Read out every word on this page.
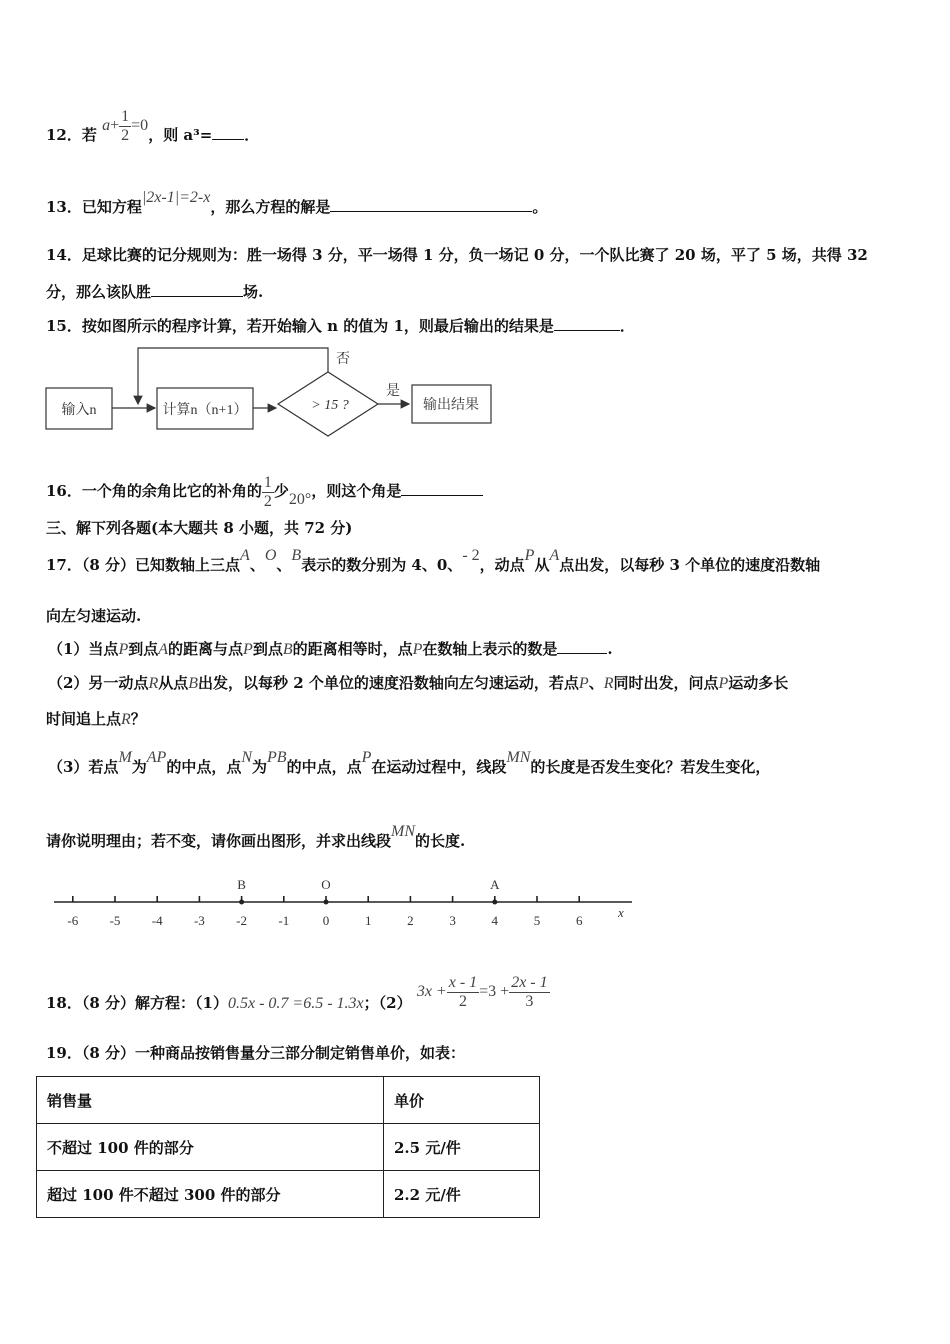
12．若 $a+ \frac{1}{2} =0$，则 a³= ．
13．已知方程|2x-1|=2-x，那么方程的解是	。
14．足球比赛的记分规则为：胜一场得 3 分，平一场得 1 分，负一场记 0 分，一个队比赛了 20 场，平了 5 场，共得 32
分，那么该队胜	场.
15．按如图所示的程序计算，若开始输入 n 的值为 1，则最后输出的结果是	．
输入n	计算n（n+1）	> 15 ?
是
输出结果
否
16．一个角的余角比它的补角的 $\frac{1}{2}$ 少20°，则这个角是
三、解下列各题(本大题共 8 小题，共 72 分)
17．（8 分）已知数轴上三点A、O、B表示的数分别为 4、0、- 2，动点P从A点出发，以每秒 3 个单位的速度沿数轴
向左匀速运动.
（1）当点P到点A的距离与点P到点B的距离相等时，点P在数轴上表示的数是	.
（2）另一动点R从点B出发，以每秒 2 个单位的速度沿数轴向左匀速运动，若点P、R同时出发，问点P运动多长
时间追上点R？
（3）若点M为AP的中点，点N为PB的中点，点P在运动过程中，线段MN的长度是否发生变化？若发生变化，
请你说明理由；若不变，请你画出图形，并求出线段MN的长度.
-6 -5 -4 -3 -2 -1	0	1	2	3	4	5	6
B	O	A
x
18．（8 分）解方程：（1）0.5x - 0.7 =6.5 - 1.3x；（2） $3x + \frac{x - 1}{2} =3 + \frac{2x - 1}{3}$
19．（8 分）一种商品按销售量分三部分制定销售单价，如表：
销售量	单价
不超过 100 件的部分	2.5 元/件
超过 100 件不超过 300 件的部分	2.2 元/件
